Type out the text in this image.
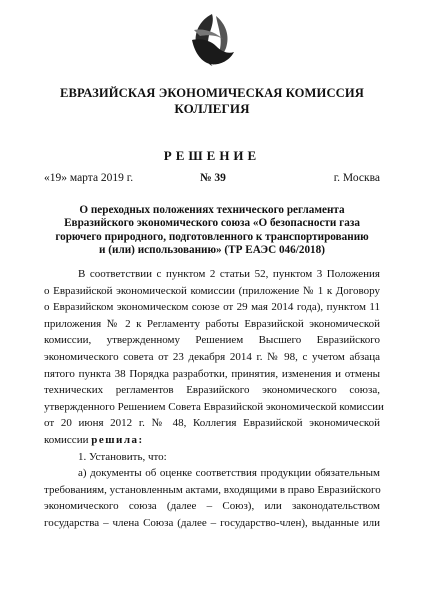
ЕВРАЗИЙСКАЯ ЭКОНОМИЧЕСКАЯ КОМИССИЯ
КОЛЛЕГИЯ
РЕШЕНИЕ
«19» марта 2019 г.	№ 39	г. Москва
О переходных положениях технического регламента
Евразийского экономического союза «О безопасности газа
горючего природного, подготовленного к транспортированию
и (или) использованию» (ТР ЕАЭС 046/2018)
В соответствии с пунктом 2 статьи 52, пунктом 3 Положения
о Евразийской экономической комиссии (приложение № 1 к Договору
о Евразийском экономическом союзе от 29 мая 2014 года), пунктом 11
приложения № 2 к Регламенту работы Евразийской экономической
комиссии, утвержденному Решением Высшего Евразийского
экономического совета от 23 декабря 2014 г. № 98, с учетом абзаца
пятого пункта 38 Порядка разработки, принятия, изменения и отмены
технических регламентов Евразийского экономического союза,
утвержденного Решением Совета Евразийской экономической комиссии
от 20 июня 2012 г. № 48, Коллегия Евразийской экономической
комиссии решила:
1. Установить, что:
а) документы об оценке соответствия продукции обязательным
требованиям, установленным актами, входящими в право Евразийского
экономического союза (далее – Союз), или законодательством
государства – члена Союза (далее – государство-член), выданные или
